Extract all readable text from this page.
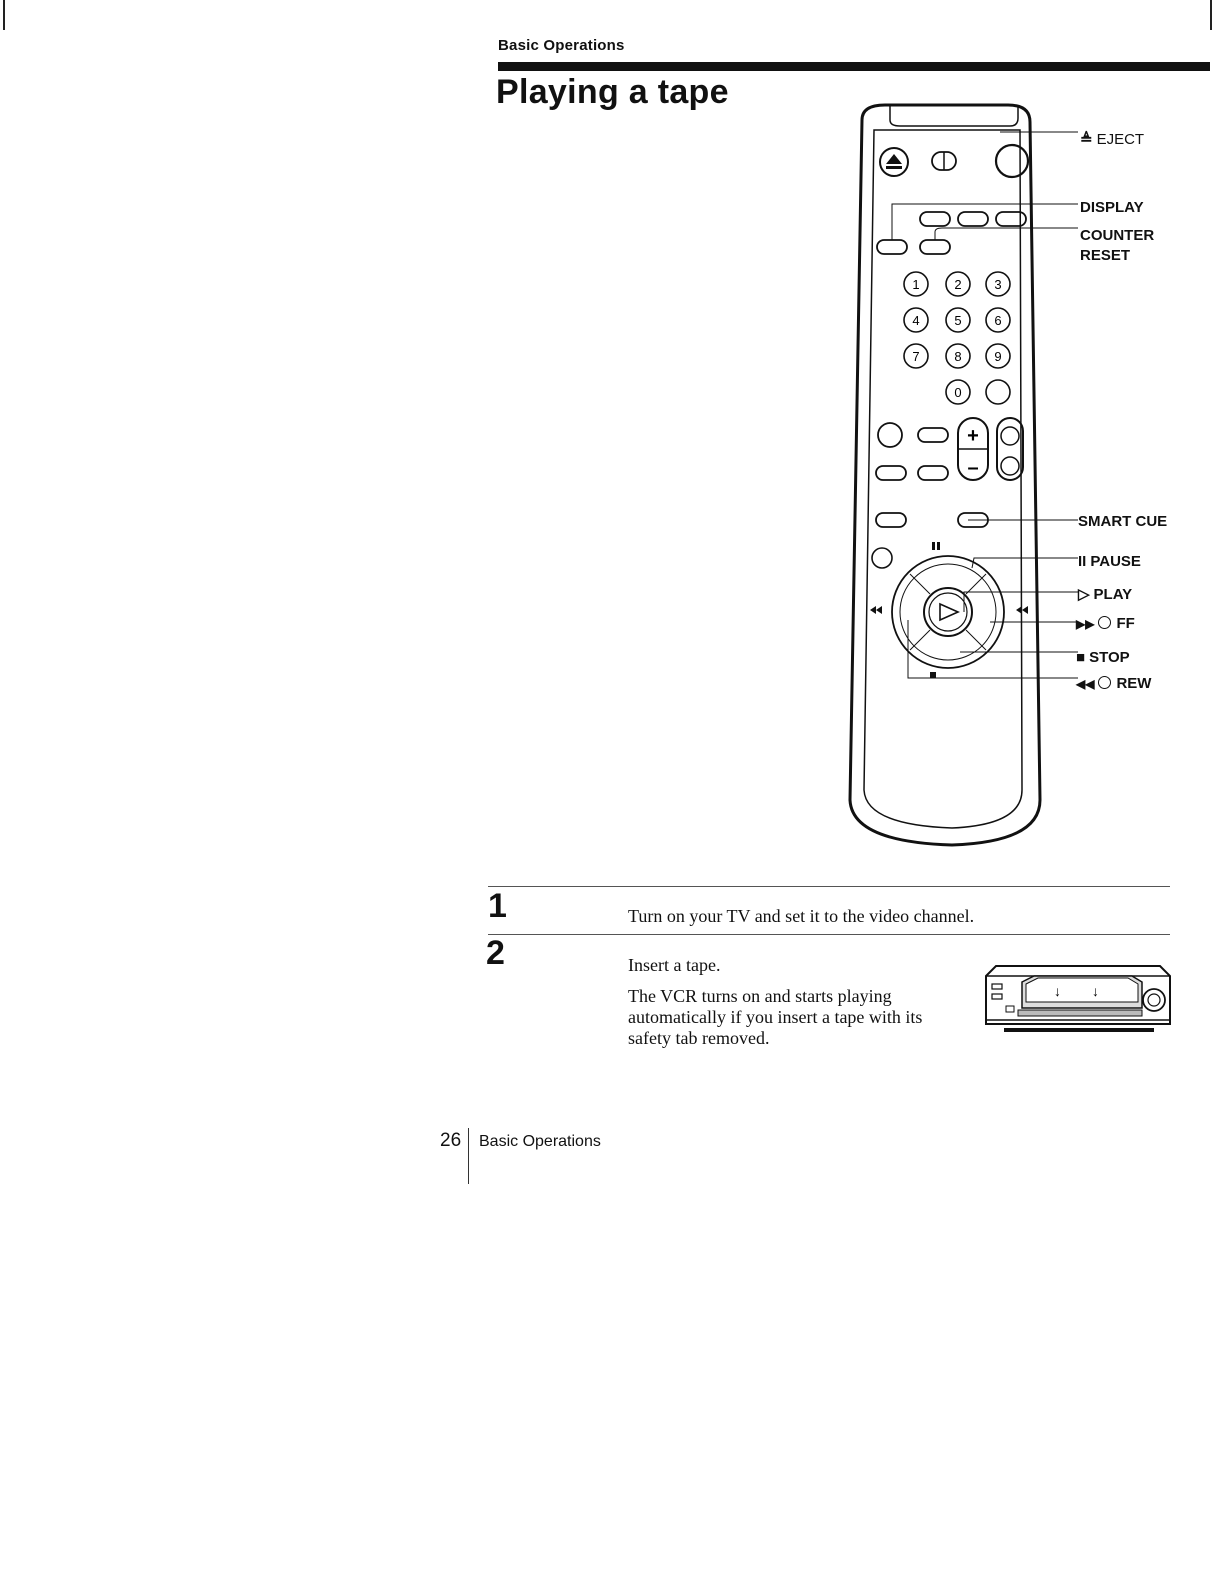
Basic Operations
Playing a tape
1	2	3
4	5	6
7	8	9
0
+
–
≜ EJECT
DISPLAY
COUNTER
RESET
SMART CUE
II PAUSE
▷ PLAY
▶▶ FF
■ STOP
◀◀ REW
1	Turn on your TV and set it to the video channel.
2	Insert a tape.
The VCR turns on and starts playing
automatically if you insert a tape with its
safety tab removed.
↓ ↓
26 Basic Operations
